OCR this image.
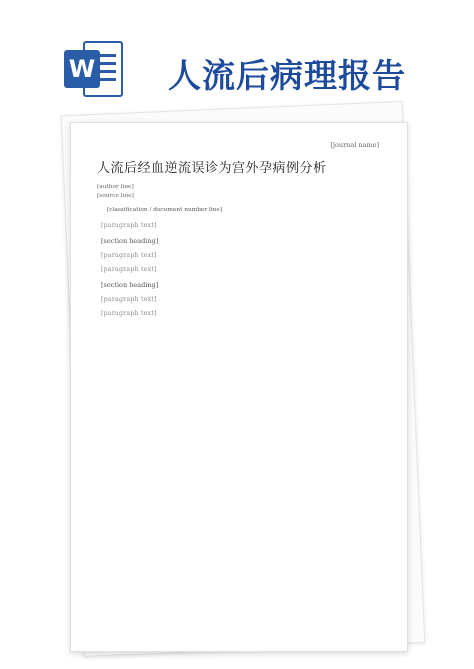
W 人流后病理报告
[journal name]
人流后经血逆流误诊为宫外孕病例分析
[author line]
[source line]
[classification / document number line]

[paragraph text]

[section heading]

[paragraph text]

[paragraph text]

[section heading]

[paragraph text]

[paragraph text]
